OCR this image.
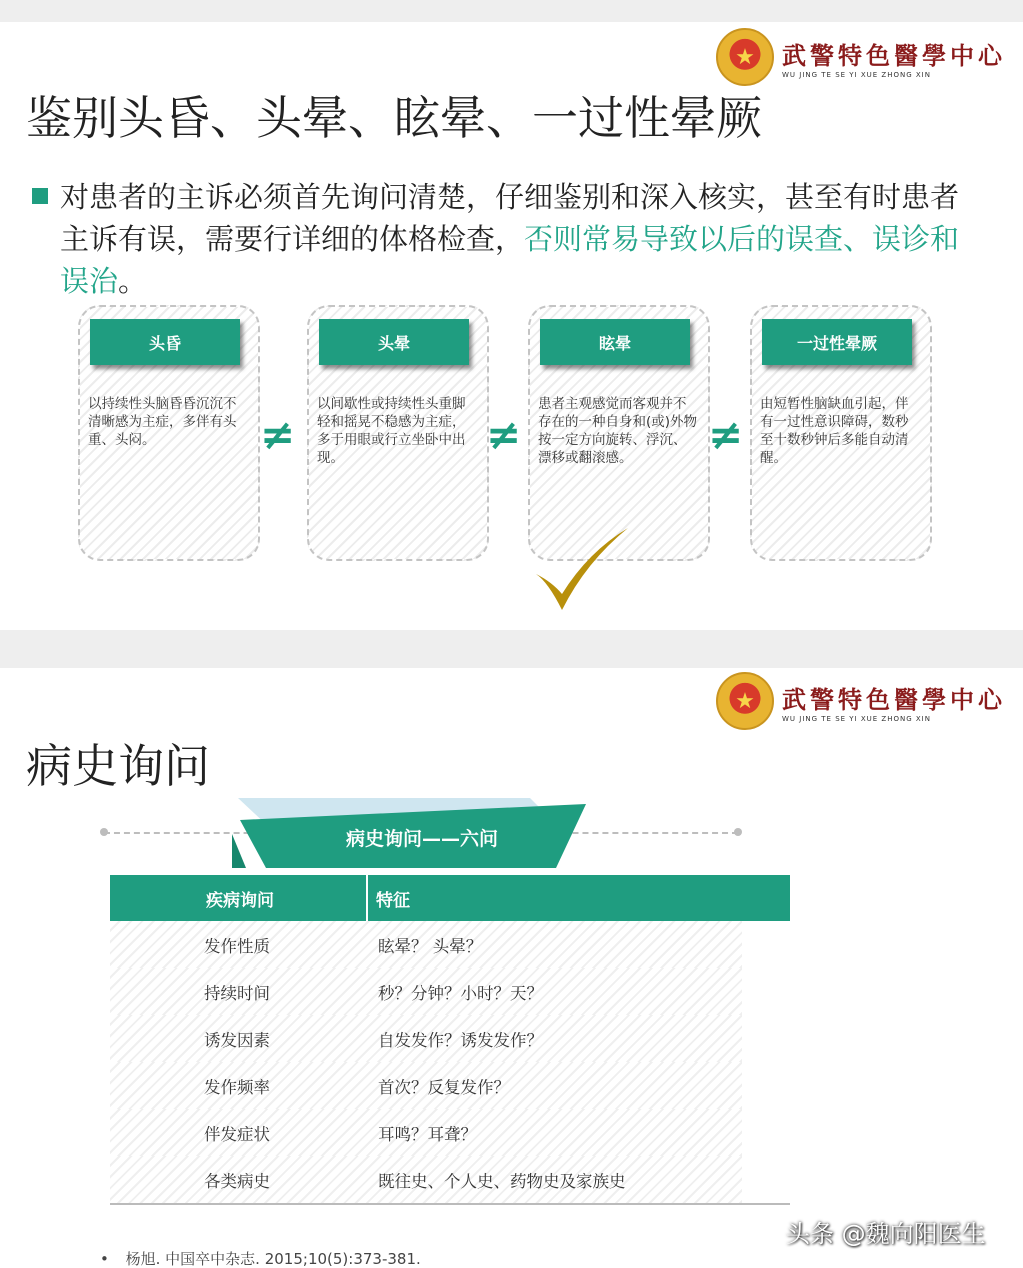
★	武警特色醫學中心
WU JING TE SE YI XUE ZHONG XIN
鉴别头昏、头晕、眩晕、一过性晕厥
对患者的主诉必须首先询问清楚，仔细鉴别和深入核实，甚至有时患者主诉有误，需要行详细的体格检查，否则常易导致以后的误查、误诊和误治。
头昏
以持续性头脑昏昏沉沉不清晰感为主症，多伴有头重、头闷。	≠
头晕
以间歇性或持续性头重脚轻和摇晃不稳感为主症，多于用眼或行立坐卧中出现。	≠
眩晕
患者主观感觉而客观并不存在的一种自身和(或)外物按一定方向旋转、浮沉、漂移或翻滚感。	≠
一过性晕厥
由短暂性脑缺血引起，伴有一过性意识障碍，数秒至十数秒钟后多能自动清醒。
★	武警特色醫學中心
WU JING TE SE YI XUE ZHONG XIN
病史询问
病史询问——六问
疾病询问	特征
发作性质	眩晕？ 头晕？
持续时间	秒？分钟？小时？天？
诱发因素	自发发作？诱发发作？
发作频率	首次？反复发作？
伴发症状	耳鸣？耳聋？
各类病史	既往史、个人史、药物史及家族史
• 杨旭. 中国卒中杂志. 2015;10(5):373-381.
头条 @魏向阳医生
